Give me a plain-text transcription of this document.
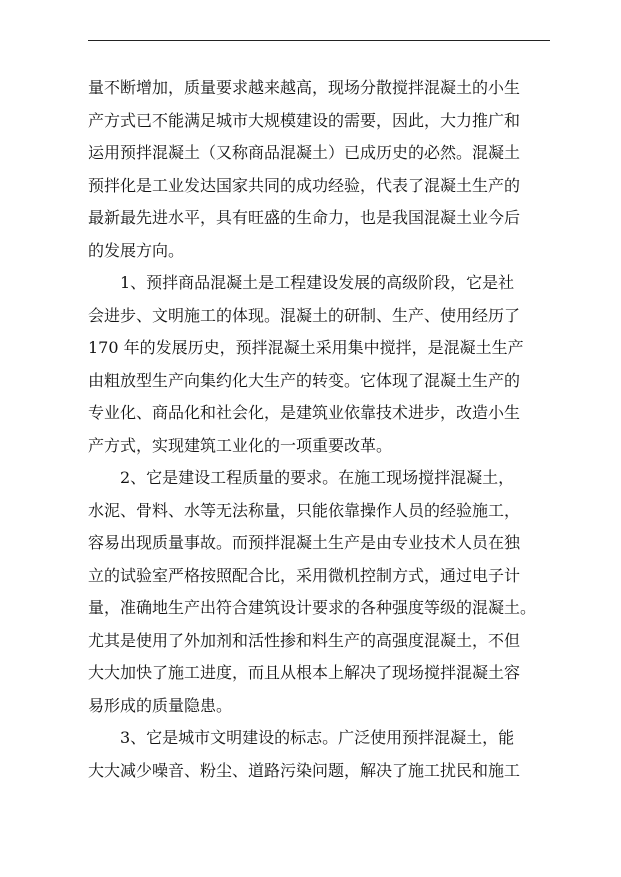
量不断增加，质量要求越来越高，现场分散搅拌混凝土的小生
产方式已不能满足城市大规模建设的需要，因此，大力推广和
运用预拌混凝土（又称商品混凝土）已成历史的必然。混凝土
预拌化是工业发达国家共同的成功经验，代表了混凝土生产的
最新最先进水平，具有旺盛的生命力，也是我国混凝土业今后
的发展方向。
1、预拌商品混凝土是工程建设发展的高级阶段，它是社
会进步、文明施工的体现。混凝土的研制、生产、使用经历了
170 年的发展历史，预拌混凝土采用集中搅拌，是混凝土生产
由粗放型生产向集约化大生产的转变。它体现了混凝土生产的
专业化、商品化和社会化，是建筑业依靠技术进步，改造小生
产方式，实现建筑工业化的一项重要改革。
2、它是建设工程质量的要求。在施工现场搅拌混凝土，
水泥、骨料、水等无法称量，只能依靠操作人员的经验施工，
容易出现质量事故。而预拌混凝土生产是由专业技术人员在独
立的试验室严格按照配合比，采用微机控制方式，通过电子计
量，准确地生产出符合建筑设计要求的各种强度等级的混凝土。
尤其是使用了外加剂和活性掺和料生产的高强度混凝土，不但
大大加快了施工进度，而且从根本上解决了现场搅拌混凝土容
易形成的质量隐患。
3、它是城市文明建设的标志。广泛使用预拌混凝土，能
大大减少噪音、粉尘、道路污染问题，解决了施工扰民和施工
